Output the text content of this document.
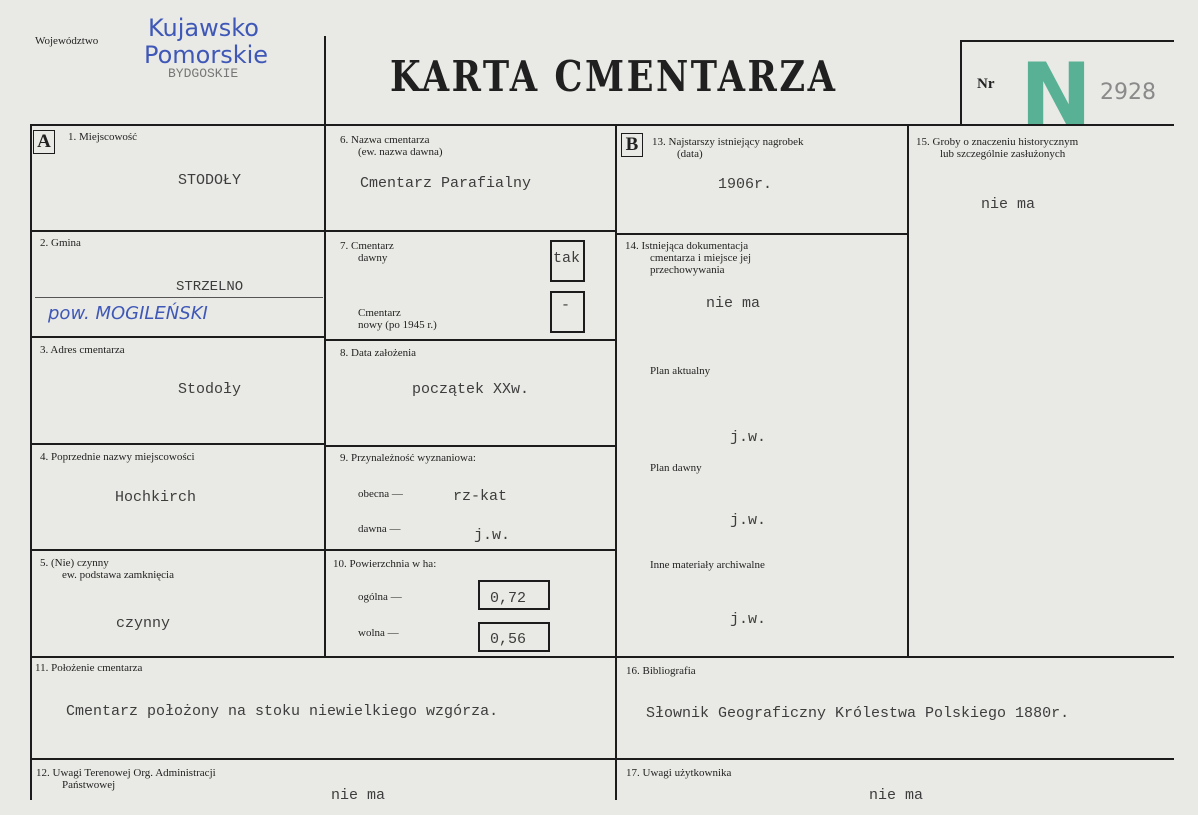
Województwo Kujawsko
Pomorskie
BYDGOSKIE	KARTA CMENTARZA	Nr N 2928
A	B
1. Miejscowość
STODOŁY
2. Gmina
STRZELNO
pow. MOGILEŃSKI
3. Adres cmentarza
Stodoły
4. Poprzednie nazwy miejscowości
Hochkirch
5. (Nie) czynny
ew. podstawa zamknięcia
czynny
6. Nazwa cmentarza
(ew. nazwa dawna)
Cmentarz Parafialny
7. Cmentarz
dawny	tak
Cmentarz
nowy (po 1945 r.)
-
8. Data założenia
początek XXw.
9. Przynależność wyznaniowa:
obecna —	rz-kat
dawna —	j.w.
10. Powierzchnia w ha:
ogólna —	0,72
wolna —	0,56
11. Położenie cmentarza
Cmentarz położony na stoku niewielkiego wzgórza.
12. Uwagi Terenowej Org. Administracji
Państwowej
nie ma
13. Najstarszy istniejący nagrobek
(data)
1906r.
14. Istniejąca dokumentacja
cmentarza i miejsce jej
przechowywania
nie ma
Plan aktualny
j.w.
Plan dawny
j.w.
Inne materiały archiwalne
j.w.
15. Groby o znaczeniu historycznym
lub szczególnie zasłużonych
nie ma
16. Bibliografia
Słownik Geograficzny Królestwa Polskiego 1880r.
17. Uwagi użytkownika
nie ma
